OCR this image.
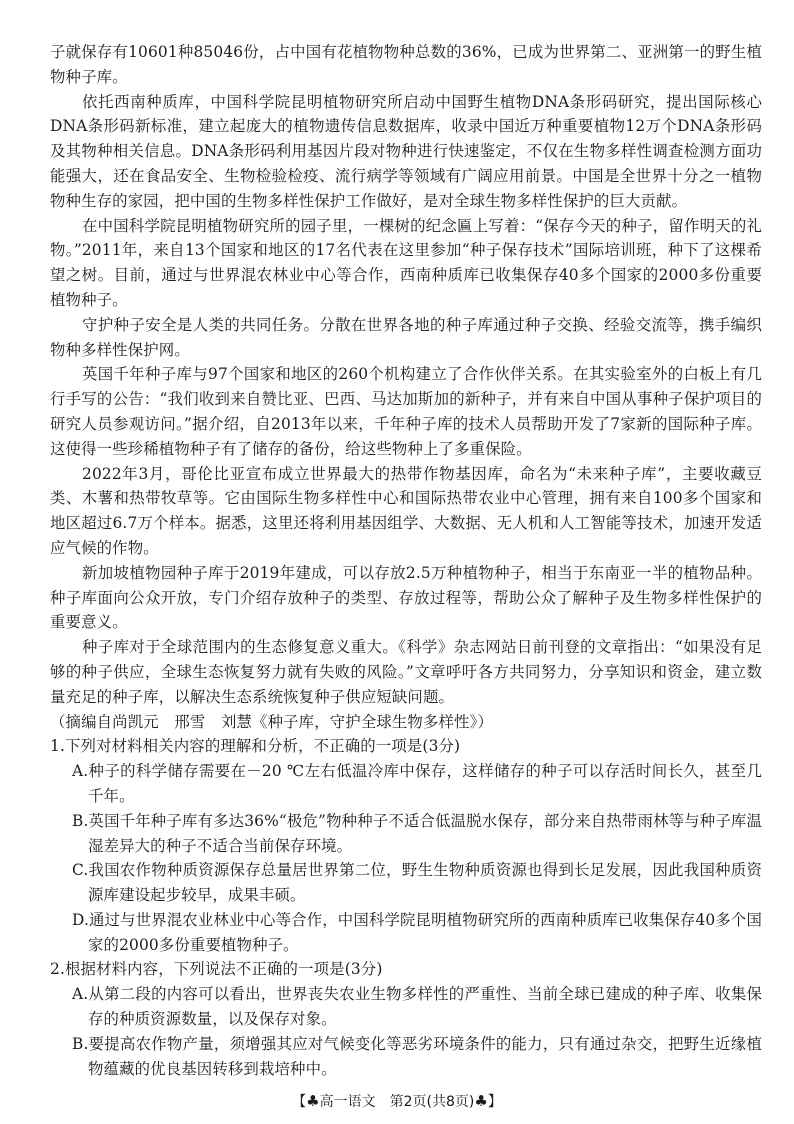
子就保存有10601种85046份，占中国有花植物物种总数的36%，已成为世界第二、亚洲第一的野生植物种子库。

依托西南种质库，中国科学院昆明植物研究所启动中国野生植物DNA条形码研究，提出国际核心DNA条形码新标准，建立起庞大的植物遗传信息数据库，收录中国近万种重要植物12万个DNA条形码及其物种相关信息。DNA条形码利用基因片段对物种进行快速鉴定，不仅在生物多样性调查检测方面功能强大，还在食品安全、生物检验检疫、流行病学等领域有广阔应用前景。中国是全世界十分之一植物物种生存的家园，把中国的生物多样性保护工作做好，是对全球生物多样性保护的巨大贡献。

在中国科学院昆明植物研究所的园子里，一棵树的纪念匾上写着：“保存今天的种子，留作明天的礼物。”2011年，来自13个国家和地区的17名代表在这里参加“种子保存技术”国际培训班，种下了这棵希望之树。目前，通过与世界混农林业中心等合作，西南种质库已收集保存40多个国家的2000多份重要植物种子。

守护种子安全是人类的共同任务。分散在世界各地的种子库通过种子交换、经验交流等，携手编织物种多样性保护网。

英国千年种子库与97个国家和地区的260个机构建立了合作伙伴关系。在其实验室外的白板上有几行手写的公告：“我们收到来自赞比亚、巴西、马达加斯加的新种子，并有来自中国从事种子保护项目的研究人员参观访问。”据介绍，自2013年以来，千年种子库的技术人员帮助开发了7家新的国际种子库。这使得一些珍稀植物种子有了储存的备份，给这些物种上了多重保险。

2022年3月，哥伦比亚宣布成立世界最大的热带作物基因库，命名为“未来种子库”，主要收藏豆类、木薯和热带牧草等。它由国际生物多样性中心和国际热带农业中心管理，拥有来自100多个国家和地区超过6.7万个样本。据悉，这里还将利用基因组学、大数据、无人机和人工智能等技术，加速开发适应气候的作物。

新加坡植物园种子库于2019年建成，可以存放2.5万种植物种子，相当于东南亚一半的植物品种。种子库面向公众开放，专门介绍存放种子的类型、存放过程等，帮助公众了解种子及生物多样性保护的重要意义。

种子库对于全球范围内的生态修复意义重大。《科学》杂志网站日前刊登的文章指出：“如果没有足够的种子供应，全球生态恢复努力就有失败的风险。”文章呼吁各方共同努力，分享知识和资金，建立数量充足的种子库，以解决生态系统恢复种子供应短缺问题。

（摘编自尚凯元　邢雪　刘慧《种子库，守护全球生物多样性》）

1.下列对材料相关内容的理解和分析，不正确的一项是(3分)

A.种子的科学储存需要在－20 ℃左右低温冷库中保存，这样储存的种子可以存活时间长久，甚至几千年。

B.英国千年种子库有多达36%“极危”物种种子不适合低温脱水保存，部分来自热带雨林等与种子库温湿差异大的种子不适合当前保存环境。

C.我国农作物种质资源保存总量居世界第二位，野生生物种质资源也得到长足发展，因此我国种质资源库建设起步较早，成果丰硕。

D.通过与世界混农业林业中心等合作，中国科学院昆明植物研究所的西南种质库已收集保存40多个国家的2000多份重要植物种子。

2.根据材料内容，下列说法不正确的一项是(3分)

A.从第二段的内容可以看出，世界丧失农业生物多样性的严重性、当前全球已建成的种子库、收集保存的种质资源数量，以及保存对象。

B.要提高农作物产量，须增强其应对气候变化等恶劣环境条件的能力，只有通过杂交，把野生近缘植物蕴藏的优良基因转移到栽培种中。

【♣高一语文　第2页(共8页)♣】
